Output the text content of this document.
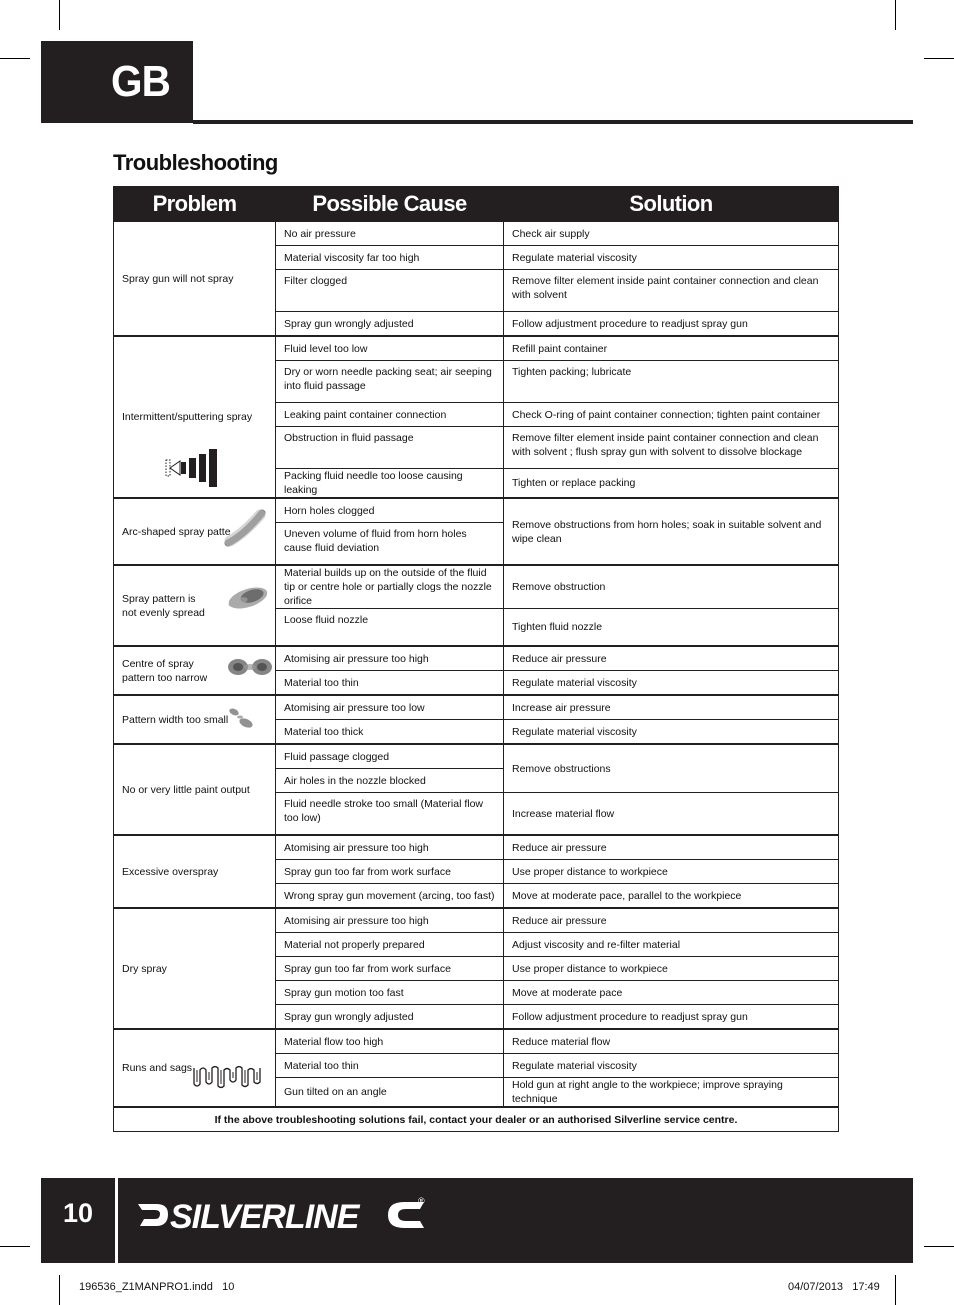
GB
Troubleshooting
Problem	Possible Cause	Solution
Spray gun will not spray	No air pressure	Check air supply
	Material viscosity far too high	Regulate material viscosity
	Filter clogged	Remove filter element inside paint container connection and clean with solvent
	Spray gun wrongly adjusted	Follow adjustment procedure to readjust spray gun
Intermittent/sputtering spray	Fluid level too low	Refill paint container
	Dry or worn needle packing seat; air seeping into fluid passage	Tighten packing; lubricate
	Leaking paint container connection	Check O-ring of paint container connection; tighten paint container
	Obstruction in fluid passage	Remove filter element inside paint container connection and clean with solvent ; flush spray gun with solvent to dissolve blockage
	Packing fluid needle too loose causing leaking	Tighten or replace packing
Arc-shaped spray patte	Horn holes clogged	Remove obstructions from horn holes; soak in suitable solvent and wipe clean
	Uneven volume of fluid from horn holes cause fluid deviation	
Spray pattern is
not evenly spread	Material builds up on the outside of the fluid tip or centre hole or partially clogs the nozzle orifice	Remove obstruction
	Loose fluid nozzle	Tighten fluid nozzle
Centre of spray
pattern too narrow	Atomising air pressure too high	Reduce air pressure
	Material too thin	Regulate material viscosity
Pattern width too small	Atomising air pressure too low	Increase air pressure
	Material too thick	Regulate material viscosity
No or very little paint output	Fluid passage clogged	Remove obstructions
	Air holes in the nozzle blocked	
	Fluid needle stroke too small (Material flow too low)	Increase material flow
Excessive overspray	Atomising air pressure too high	Reduce air pressure
	Spray gun too far from work surface	Use proper distance to workpiece
	Wrong spray gun movement (arcing, too fast)	Move at moderate pace, parallel to the workpiece
Dry spray	Atomising air pressure too high	Reduce air pressure
	Material not properly prepared	Adjust viscosity and re-filter material
	Spray gun too far from work surface	Use proper distance to workpiece
	Spray gun motion too fast	Move at moderate pace
	Spray gun wrongly adjusted	Follow adjustment procedure to readjust spray gun
Runs and sags	Material flow too high	Reduce material flow
	Material too thin	Regulate material viscosity
	Gun tilted on an angle	Hold gun at right angle to the workpiece; improve spraying technique
If the above troubleshooting solutions fail, contact your dealer or an authorised Silverline service centre.		
10	SILVERLINE	®
196536_Z1MANPRO1.indd   10	04/07/2013   17:49
